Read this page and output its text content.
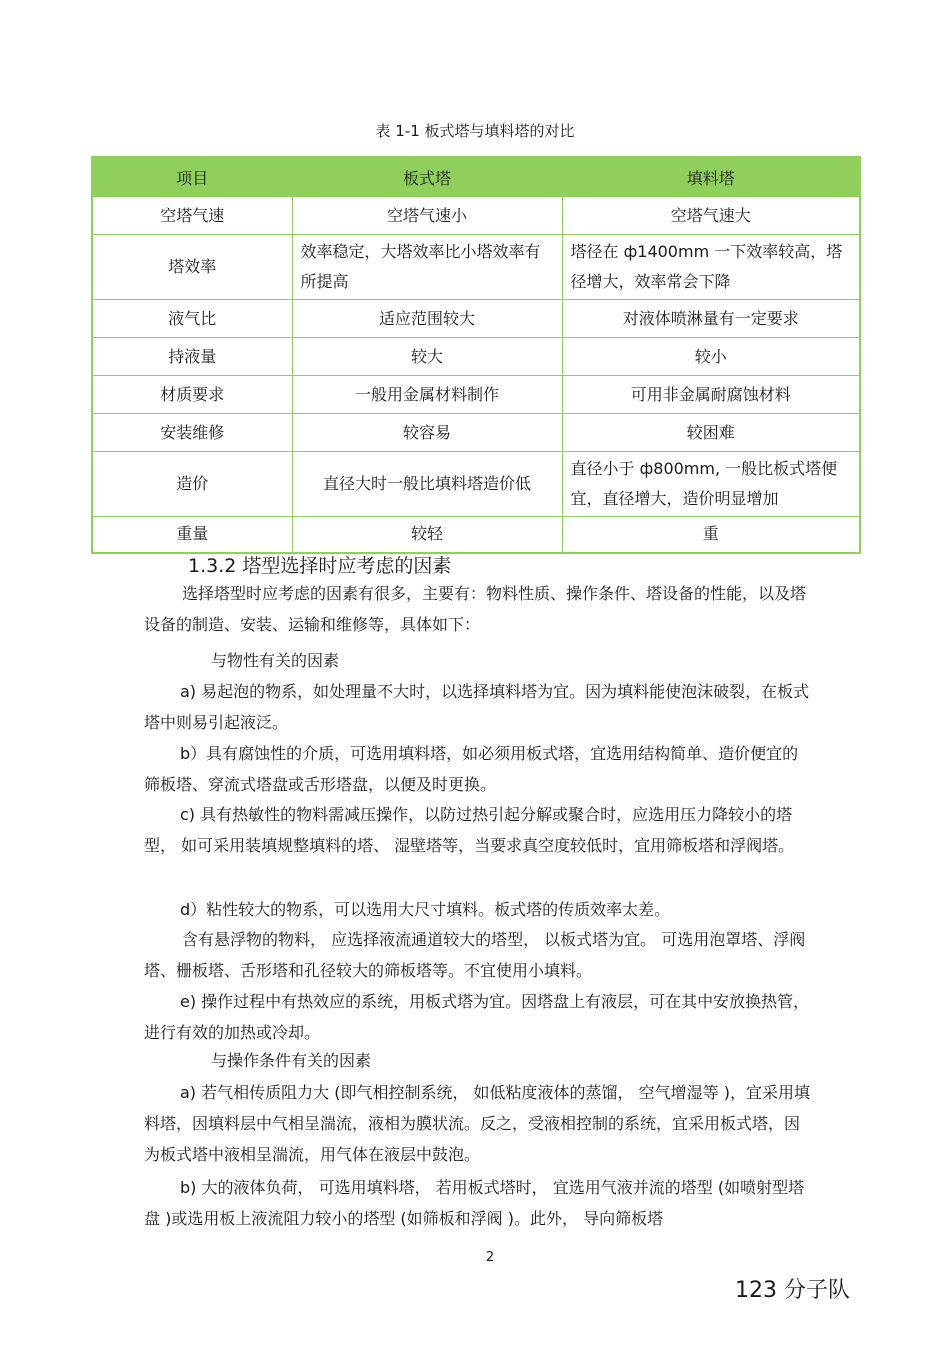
表 1-1 板式塔与填料塔的对比
项目	板式塔	填料塔
空塔气速	空塔气速小	空塔气速大
塔效率	效率稳定，大塔效率比小塔效率有所提高	塔径在 ф1400mm 一下效率较高，塔径增大，效率常会下降
液气比	适应范围较大	对液体喷淋量有一定要求
持液量	较大	较小
材质要求	一般用金属材料制作	可用非金属耐腐蚀材料
安装维修	较容易	较困难
造价	直径大时一般比填料塔造价低	直径小于 ф800mm, 一般比板式塔便宜，直径增大，造价明显增加
重量	较轻	重
1.3.2 塔型选择时应考虑的因素
选择塔型时应考虑的因素有很多，主要有：物料性质、操作条件、塔设备的性能，以及塔设备的制造、安装、运输和维修等，具体如下：
与物性有关的因素
a) 易起泡的物系，如处理量不大时，以选择填料塔为宜。因为填料能使泡沫破裂，在板式塔中则易引起液泛。
b）具有腐蚀性的介质，可选用填料塔，如必须用板式塔，宜选用结构简单、造价便宜的筛板塔、穿流式塔盘或舌形塔盘，以便及时更换。
c) 具有热敏性的物料需减压操作，以防过热引起分解或聚合时，应选用压力降较小的塔型， 如可采用装填规整填料的塔、 湿壁塔等，当要求真空度较低时，宜用筛板塔和浮阀塔。
d）粘性较大的物系，可以选用大尺寸填料。板式塔的传质效率太差。
含有悬浮物的物料， 应选择液流通道较大的塔型， 以板式塔为宜。 可选用泡罩塔、浮阀塔、栅板塔、舌形塔和孔径较大的筛板塔等。不宜使用小填料。
e) 操作过程中有热效应的系统，用板式塔为宜。因塔盘上有液层，可在其中安放换热管，进行有效的加热或冷却。
与操作条件有关的因素
a) 若气相传质阻力大 (即气相控制系统， 如低粘度液体的蒸馏， 空气增湿等 )，宜采用填料塔，因填料层中气相呈湍流，液相为膜状流。反之，受液相控制的系统，宜采用板式塔，因为板式塔中液相呈湍流，用气体在液层中鼓泡。
b) 大的液体负荷， 可选用填料塔， 若用板式塔时， 宜选用气液并流的塔型 (如喷射型塔盘 )或选用板上液流阻力较小的塔型 (如筛板和浮阀 )。此外， 导向筛板塔
2
123 分子队
